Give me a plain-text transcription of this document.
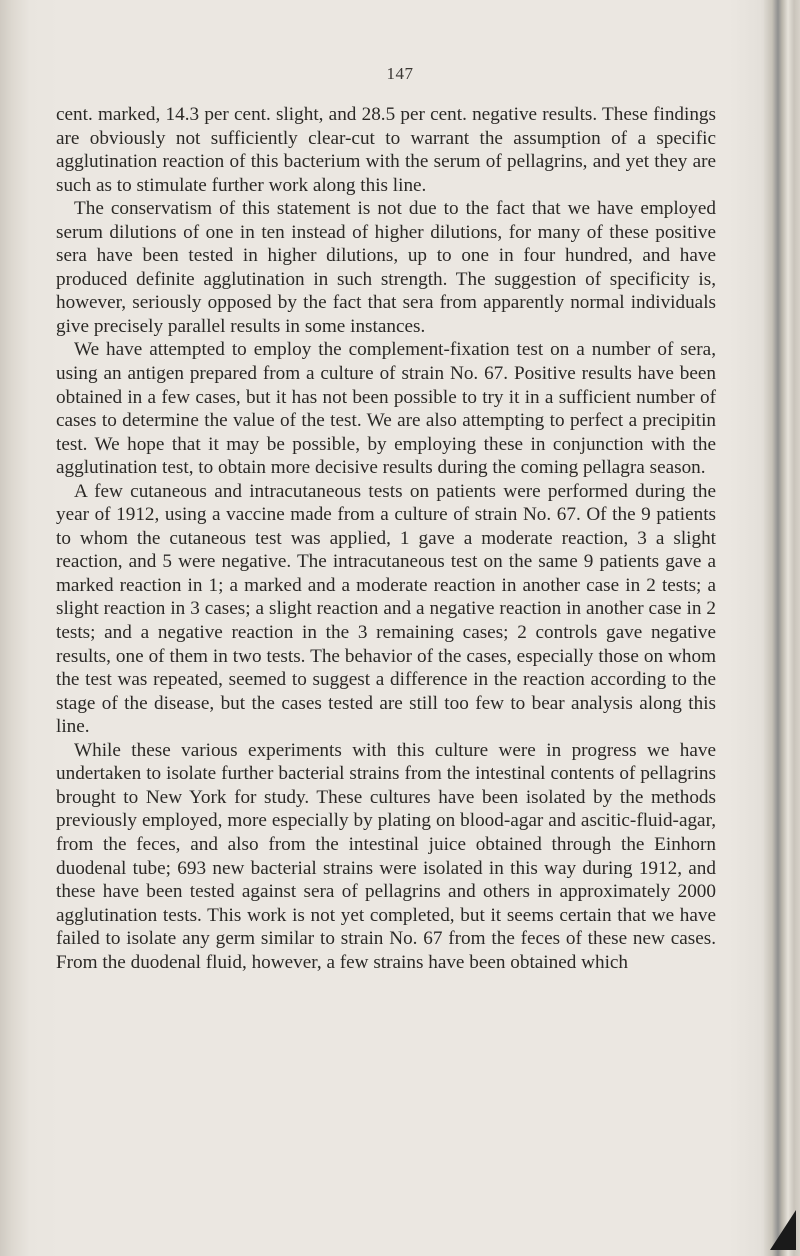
147

cent. marked, 14.3 per cent. slight, and 28.5 per cent. negative results. These findings are obviously not sufficiently clear-cut to warrant the assumption of a specific agglutination reaction of this bacterium with the serum of pellagrins, and yet they are such as to stimulate further work along this line.

The conservatism of this statement is not due to the fact that we have employed serum dilutions of one in ten instead of higher dilutions, for many of these positive sera have been tested in higher dilutions, up to one in four hundred, and have produced definite agglutination in such strength. The suggestion of specificity is, however, seriously opposed by the fact that sera from apparently normal individuals give precisely parallel results in some instances.

We have attempted to employ the complement-fixation test on a number of sera, using an antigen prepared from a culture of strain No. 67. Positive results have been obtained in a few cases, but it has not been possible to try it in a sufficient number of cases to determine the value of the test. We are also attempting to perfect a precipitin test. We hope that it may be possible, by employing these in conjunction with the agglutination test, to obtain more decisive results during the coming pellagra season.

A few cutaneous and intracutaneous tests on patients were performed during the year of 1912, using a vaccine made from a culture of strain No. 67. Of the 9 patients to whom the cutaneous test was applied, 1 gave a moderate reaction, 3 a slight reaction, and 5 were negative. The intracutaneous test on the same 9 patients gave a marked reaction in 1; a marked and a moderate reaction in another case in 2 tests; a slight reaction in 3 cases; a slight reaction and a negative reaction in another case in 2 tests; and a negative reaction in the 3 remaining cases; 2 controls gave negative results, one of them in two tests. The behavior of the cases, especially those on whom the test was repeated, seemed to suggest a difference in the reaction according to the stage of the disease, but the cases tested are still too few to bear analysis along this line.

While these various experiments with this culture were in progress we have undertaken to isolate further bacterial strains from the intestinal contents of pellagrins brought to New York for study. These cultures have been isolated by the methods previously employed, more especially by plating on blood-agar and ascitic-fluid-agar, from the feces, and also from the intestinal juice obtained through the Einhorn duodenal tube; 693 new bacterial strains were isolated in this way during 1912, and these have been tested against sera of pellagrins and others in approximately 2000 agglutination tests. This work is not yet completed, but it seems certain that we have failed to isolate any germ similar to strain No. 67 from the feces of these new cases. From the duodenal fluid, however, a few strains have been obtained which
